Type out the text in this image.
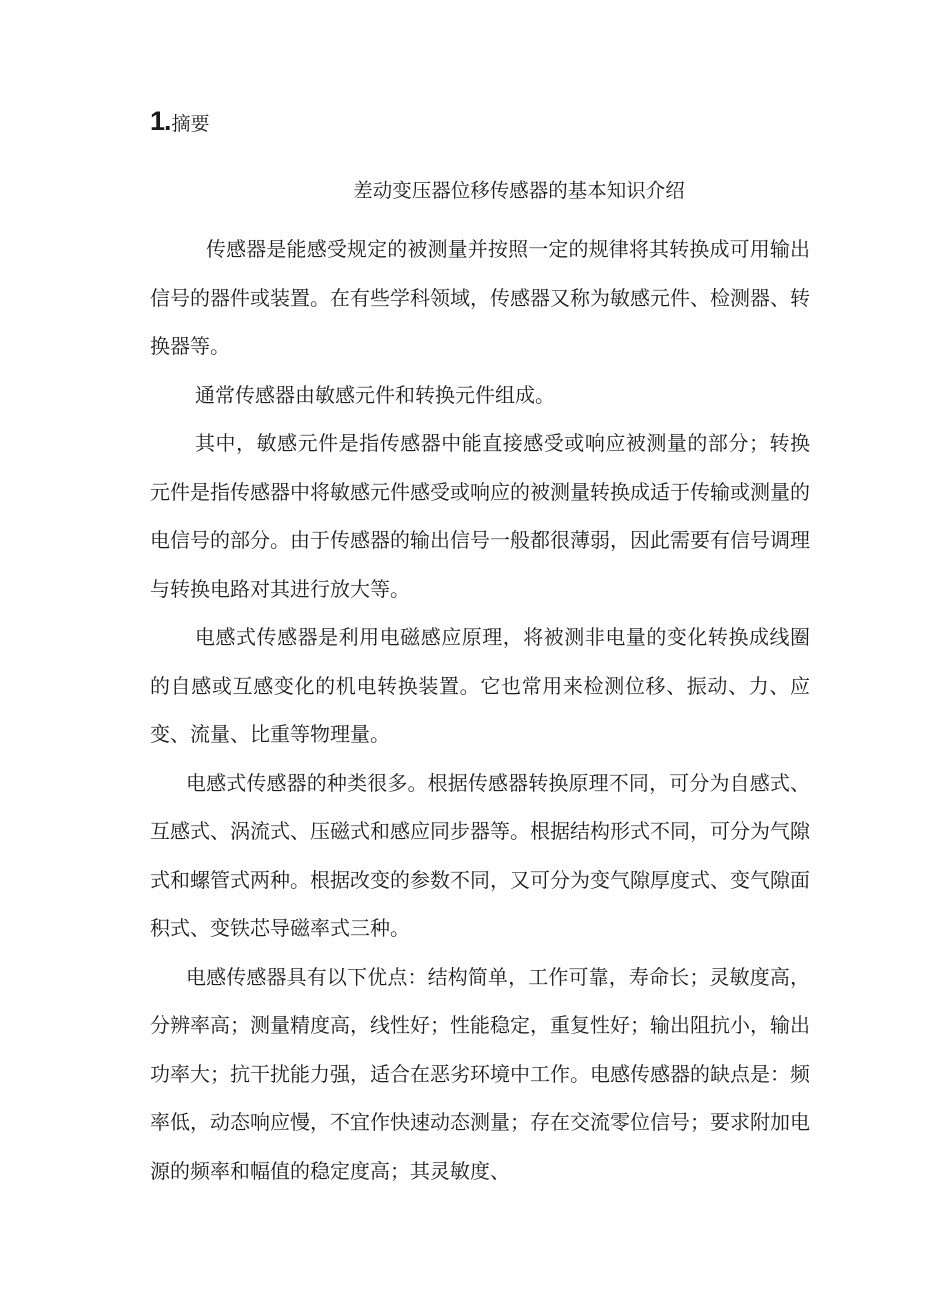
1.摘要
差动变压器位移传感器的基本知识介绍

传感器是能感受规定的被测量并按照一定的规律将其转换成可用输出信号的器件或装置。在有些学科领域，传感器又称为敏感元件、检测器、转换器等。

通常传感器由敏感元件和转换元件组成。

其中，敏感元件是指传感器中能直接感受或响应被测量的部分；转换元件是指传感器中将敏感元件感受或响应的被测量转换成适于传输或测量的电信号的部分。由于传感器的输出信号一般都很薄弱，因此需要有信号调理与转换电路对其进行放大等。

电感式传感器是利用电磁感应原理，将被测非电量的变化转换成线圈的自感或互感变化的机电转换装置。它也常用来检测位移、振动、力、应变、流量、比重等物理量。

电感式传感器的种类很多。根据传感器转换原理不同，可分为自感式、互感式、涡流式、压磁式和感应同步器等。根据结构形式不同，可分为气隙式和螺管式两种。根据改变的参数不同，又可分为变气隙厚度式、变气隙面积式、变铁芯导磁率式三种。

电感传感器具有以下优点：结构简单，工作可靠，寿命长；灵敏度高，分辨率高；测量精度高，线性好；性能稳定，重复性好；输出阻抗小，输出功率大；抗干扰能力强，适合在恶劣环境中工作。电感传感器的缺点是：频率低，动态响应慢，不宜作快速动态测量；存在交流零位信号；要求附加电源的频率和幅值的稳定度高；其灵敏度、
